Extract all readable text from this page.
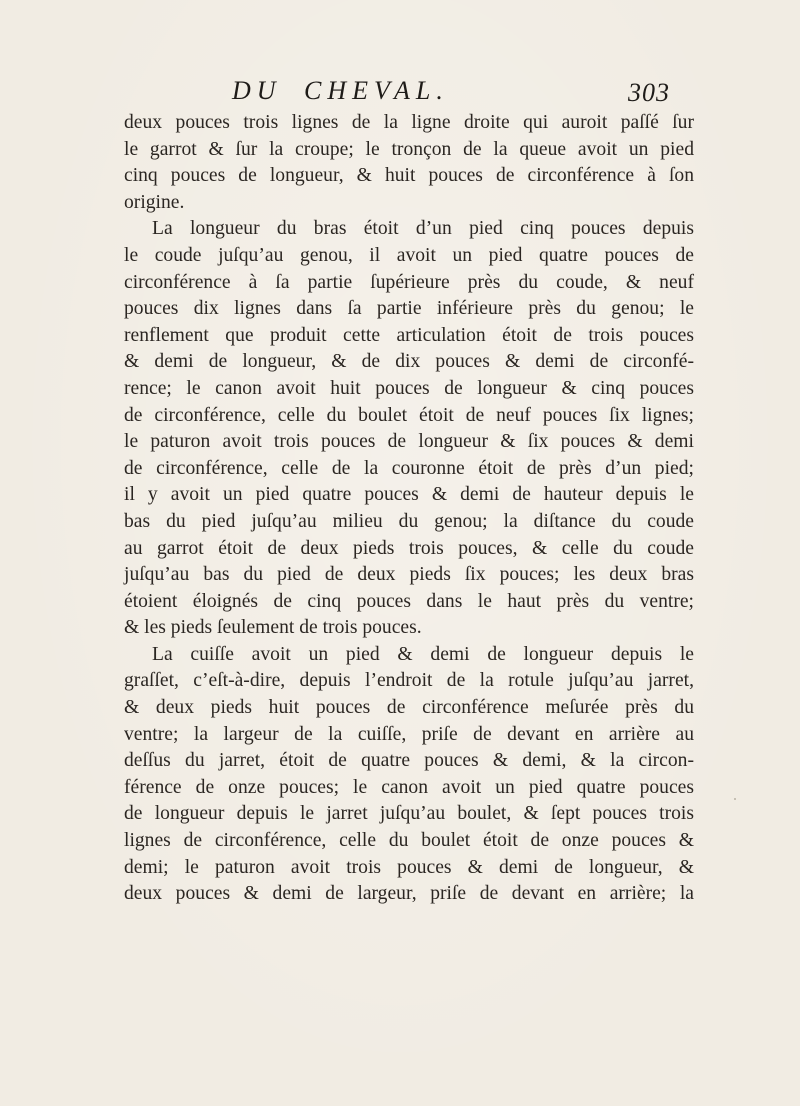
DU CHEVAL.	303
deux pouces trois lignes de la ligne droite qui auroit paſſé ſur
le garrot & ſur la croupe; le tronçon de la queue avoit un pied
cinq pouces de longueur, & huit pouces de circonférence à ſon
origine.
La longueur du bras étoit d’un pied cinq pouces depuis
le coude juſqu’au genou, il avoit un pied quatre pouces de
circonférence à ſa partie ſupérieure près du coude, & neuf
pouces dix lignes dans ſa partie inférieure près du genou; le
renflement que produit cette articulation étoit de trois pouces
& demi de longueur, & de dix pouces & demi de circonfé-
rence; le canon avoit huit pouces de longueur & cinq pouces
de circonférence, celle du boulet étoit de neuf pouces ſix lignes;
le paturon avoit trois pouces de longueur & ſix pouces & demi
de circonférence, celle de la couronne étoit de près d’un pied;
il y avoit un pied quatre pouces & demi de hauteur depuis le
bas du pied juſqu’au milieu du genou; la diſtance du coude
au garrot étoit de deux pieds trois pouces, & celle du coude
juſqu’au bas du pied de deux pieds ſix pouces; les deux bras
étoient éloignés de cinq pouces dans le haut près du ventre;
& les pieds ſeulement de trois pouces.
La cuiſſe avoit un pied & demi de longueur depuis le
graſſet, c’eſt-à-dire, depuis l’endroit de la rotule juſqu’au jarret,
& deux pieds huit pouces de circonférence meſurée près du
ventre; la largeur de la cuiſſe, priſe de devant en arrière au
deſſus du jarret, étoit de quatre pouces & demi, & la circon-
férence de onze pouces; le canon avoit un pied quatre pouces
de longueur depuis le jarret juſqu’au boulet, & ſept pouces trois
lignes de circonférence, celle du boulet étoit de onze pouces &
demi; le paturon avoit trois pouces & demi de longueur, &
deux pouces & demi de largeur, priſe de devant en arrière; la
